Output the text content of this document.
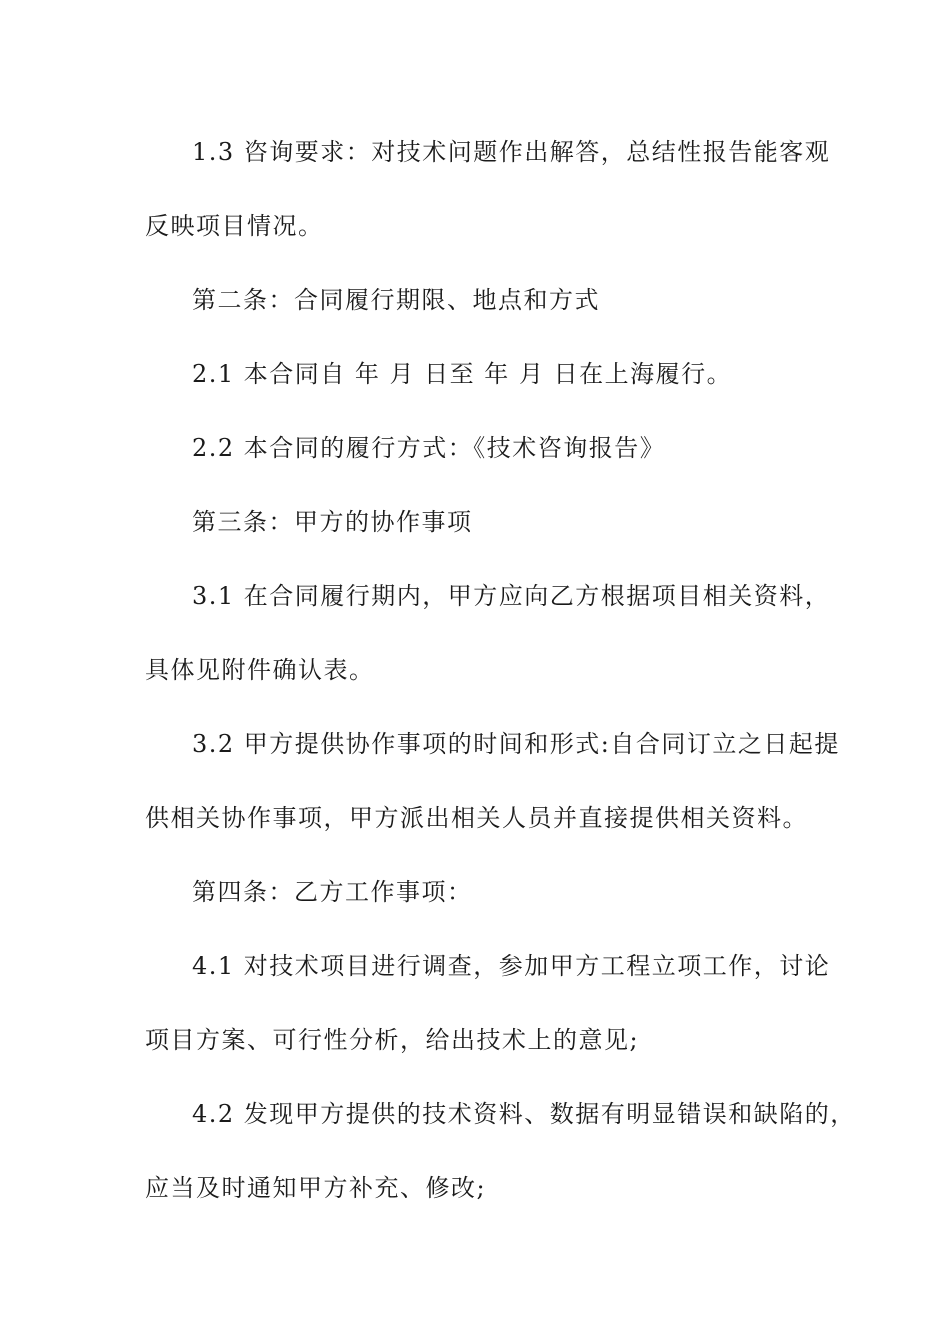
1.3 咨询要求：对技术问题作出解答，总结性报告能客观

反映项目情况。

第二条：合同履行期限、地点和方式

2.1 本合同自 年 月 日至 年 月 日在上海履行。

2.2 本合同的履行方式：《技术咨询报告》

第三条：甲方的协作事项

3.1 在合同履行期内，甲方应向乙方根据项目相关资料，

具体见附件确认表。

3.2 甲方提供协作事项的时间和形式:自合同订立之日起提

供相关协作事项，甲方派出相关人员并直接提供相关资料。

第四条：乙方工作事项：

4.1 对技术项目进行调查，参加甲方工程立项工作，讨论

项目方案、可行性分析，给出技术上的意见;

4.2 发现甲方提供的技术资料、数据有明显错误和缺陷的，

应当及时通知甲方补充、修改;
